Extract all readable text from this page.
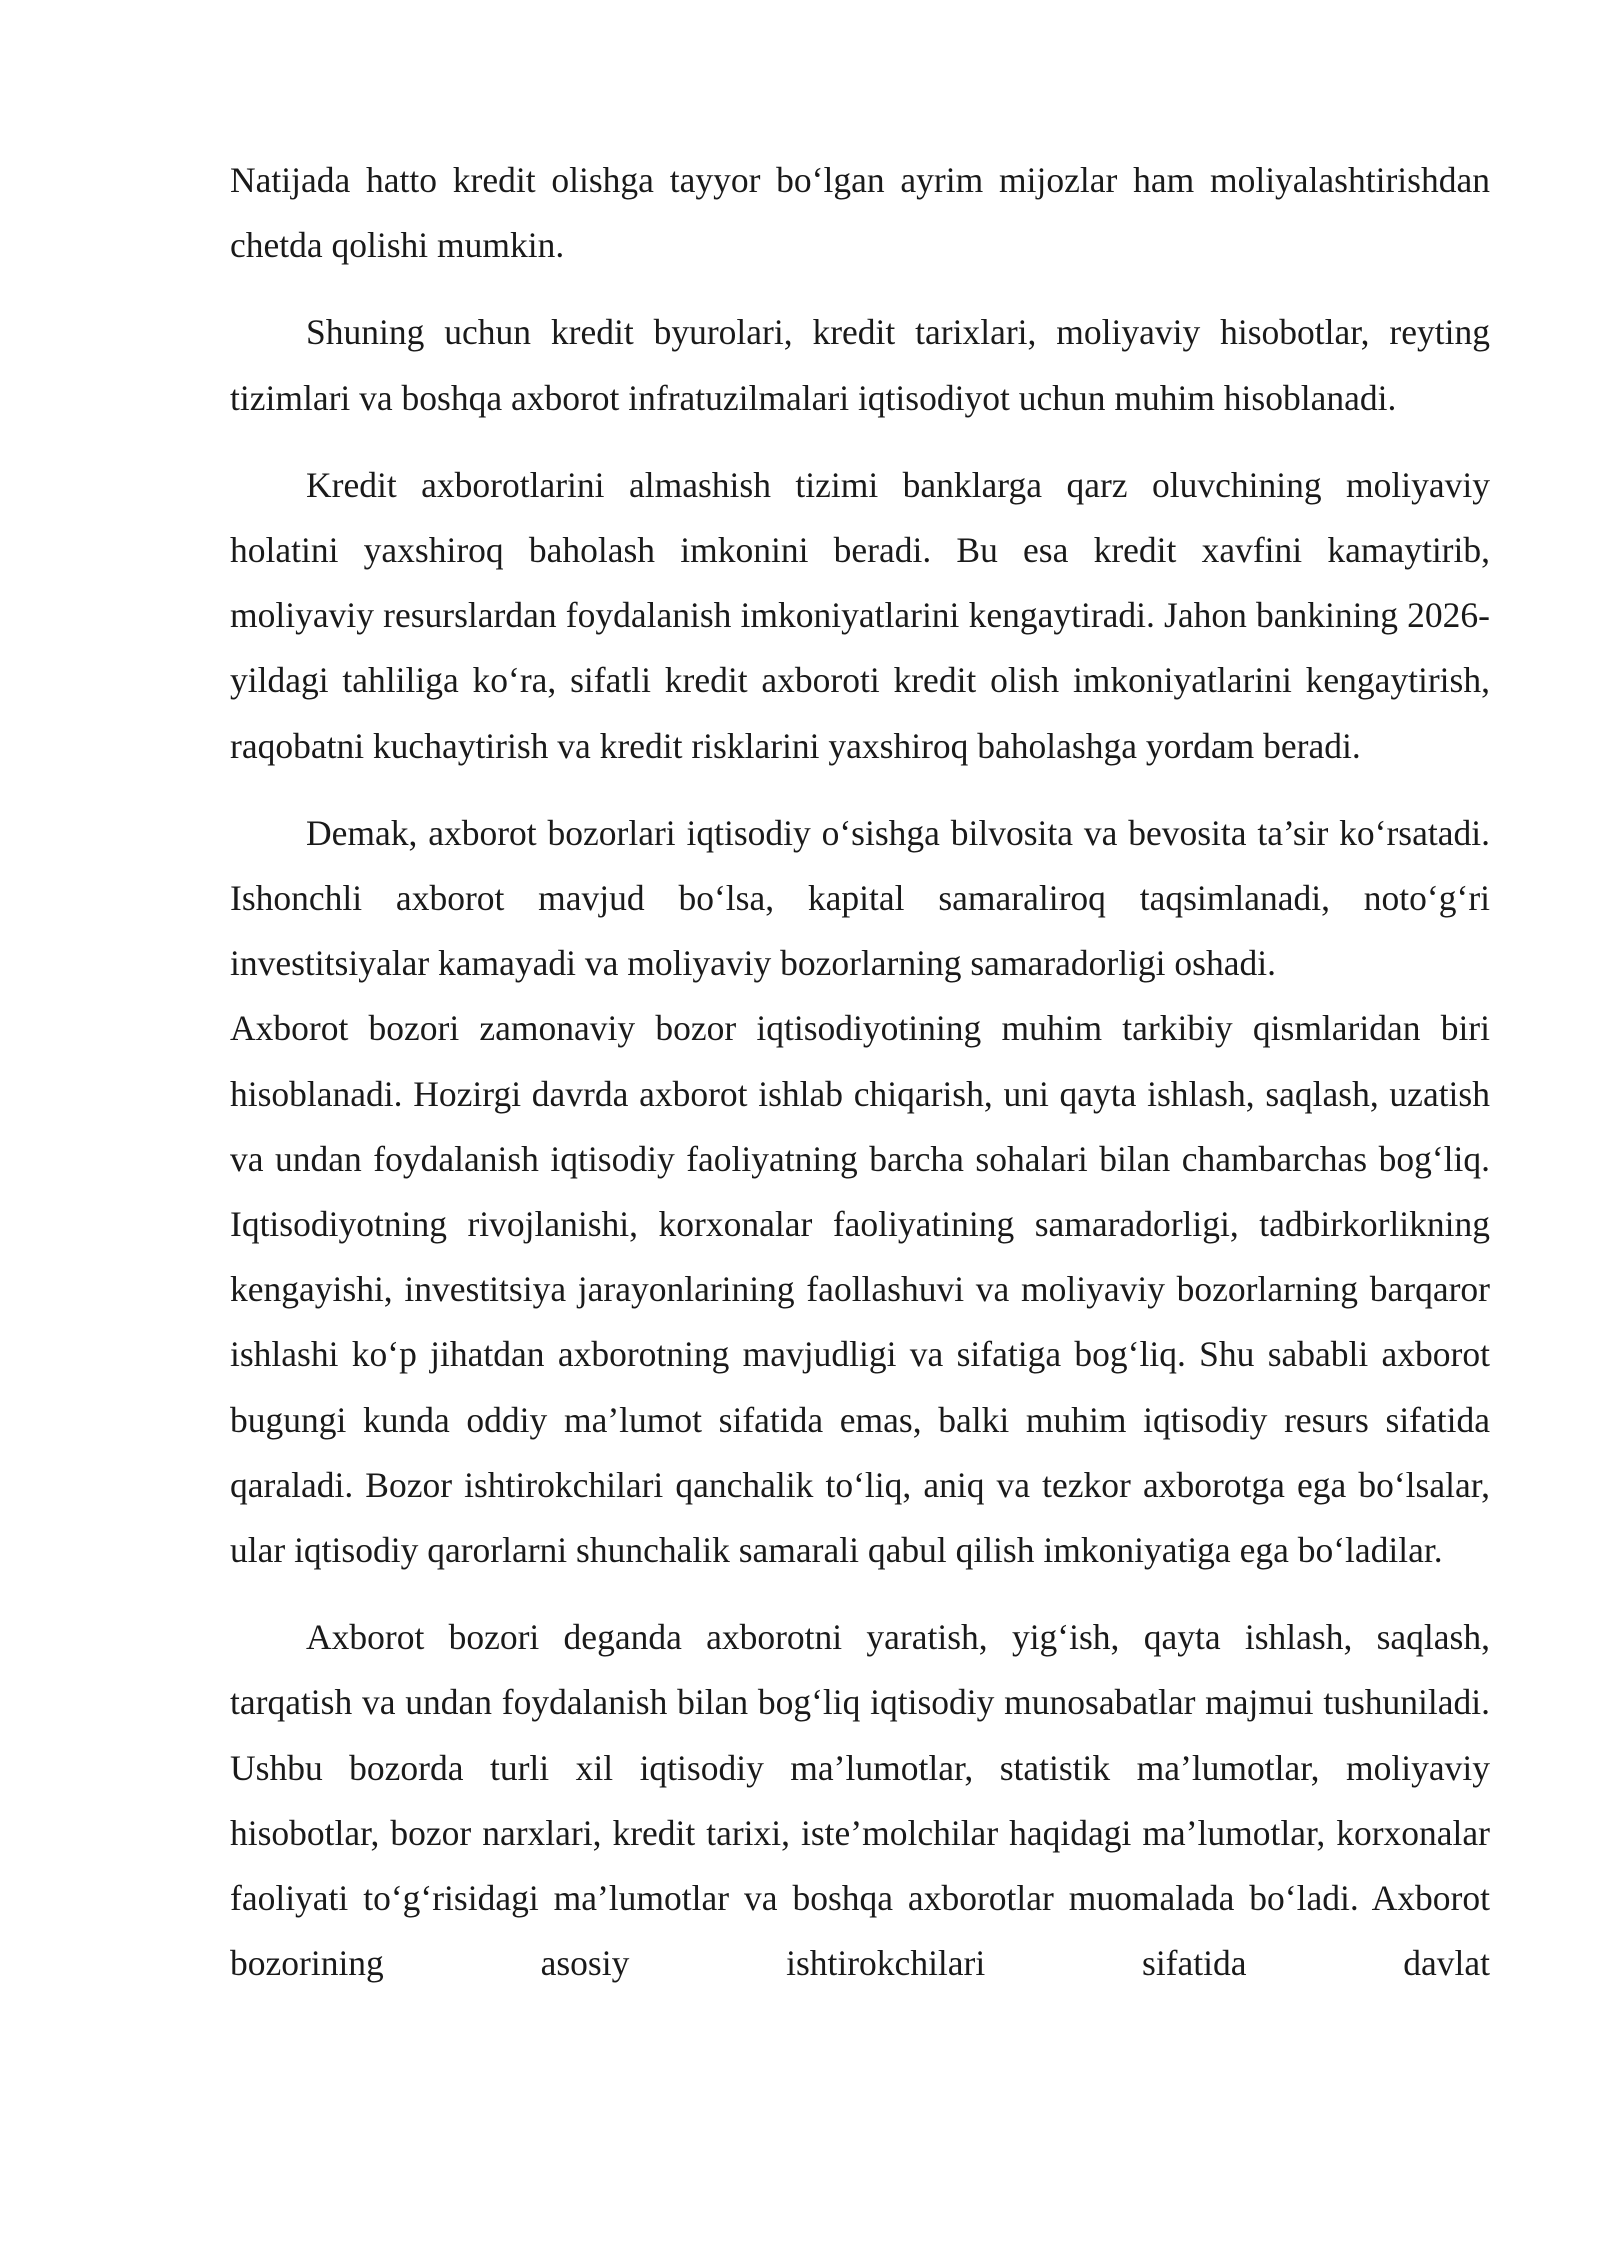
Natijada hatto kredit olishga tayyor bo‘lgan ayrim mijozlar ham moliyalashtirishdan chetda qolishi mumkin.

Shuning uchun kredit byurolari, kredit tarixlari, moliyaviy hisobotlar, reyting tizimlari va boshqa axborot infratuzilmalari iqtisodiyot uchun muhim hisoblanadi.

Kredit axborotlarini almashish tizimi banklarga qarz oluvchining moliyaviy holatini yaxshiroq baholash imkonini beradi. Bu esa kredit xavfini kamaytirib, moliyaviy resurslardan foydalanish imkoniyatlarini kengaytiradi. Jahon bankining 2026-yildagi tahliliga ko‘ra, sifatli kredit axboroti kredit olish imkoniyatlarini kengaytirish, raqobatni kuchaytirish va kredit risklarini yaxshiroq baholashga yordam beradi.

Demak, axborot bozorlari iqtisodiy o‘sishga bilvosita va bevosita ta’sir ko‘rsatadi. Ishonchli axborot mavjud bo‘lsa, kapital samaraliroq taqsimlanadi, noto‘g‘ri investitsiyalar kamayadi va moliyaviy bozorlarning samaradorligi oshadi.

Axborot bozori zamonaviy bozor iqtisodiyotining muhim tarkibiy qismlaridan biri hisoblanadi. Hozirgi davrda axborot ishlab chiqarish, uni qayta ishlash, saqlash, uzatish va undan foydalanish iqtisodiy faoliyatning barcha sohalari bilan chambarchas bog‘liq. Iqtisodiyotning rivojlanishi, korxonalar faoliyatining samaradorligi, tadbirkorlikning kengayishi, investitsiya jarayonlarining faollashuvi va moliyaviy bozorlarning barqaror ishlashi ko‘p jihatdan axborotning mavjudligi va sifatiga bog‘liq. Shu sababli axborot bugungi kunda oddiy ma’lumot sifatida emas, balki muhim iqtisodiy resurs sifatida qaraladi. Bozor ishtirokchilari qanchalik to‘liq, aniq va tezkor axborotga ega bo‘lsalar, ular iqtisodiy qarorlarni shunchalik samarali qabul qilish imkoniyatiga ega bo‘ladilar.

Axborot bozori deganda axborotni yaratish, yig‘ish, qayta ishlash, saqlash, tarqatish va undan foydalanish bilan bog‘liq iqtisodiy munosabatlar majmui tushuniladi. Ushbu bozorda turli xil iqtisodiy ma’lumotlar, statistik ma’lumotlar, moliyaviy hisobotlar, bozor narxlari, kredit tarixi, iste’molchilar haqidagi ma’lumotlar, korxonalar faoliyati to‘g‘risidagi ma’lumotlar va boshqa axborotlar muomalada bo‘ladi. Axborot bozorining asosiy ishtirokchilari sifatida davlat
